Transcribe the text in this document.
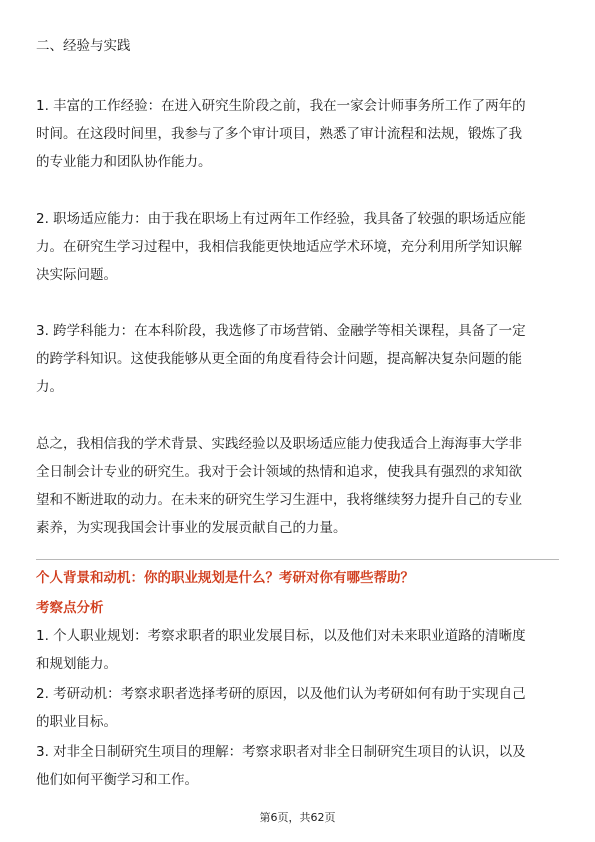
二、经验与实践

1. 丰富的工作经验：在进入研究生阶段之前，我在一家会计师事务所工作了两年的
时间。在这段时间里，我参与了多个审计项目，熟悉了审计流程和法规，锻炼了我
的专业能力和团队协作能力。

2. 职场适应能力：由于我在职场上有过两年工作经验，我具备了较强的职场适应能
力。在研究生学习过程中，我相信我能更快地适应学术环境，充分利用所学知识解
决实际问题。

3. 跨学科能力：在本科阶段，我选修了市场营销、金融学等相关课程，具备了一定
的跨学科知识。这使我能够从更全面的角度看待会计问题，提高解决复杂问题的能
力。

总之，我相信我的学术背景、实践经验以及职场适应能力使我适合上海海事大学非
全日制会计专业的研究生。我对于会计领域的热情和追求，使我具有强烈的求知欲
望和不断进取的动力。在未来的研究生学习生涯中，我将继续努力提升自己的专业
素养，为实现我国会计事业的发展贡献自己的力量。

个人背景和动机：你的职业规划是什么？考研对你有哪些帮助？
考察点分析

1. 个人职业规划：考察求职者的职业发展目标，以及他们对未来职业道路的清晰度
和规划能力。

2. 考研动机：考察求职者选择考研的原因，以及他们认为考研如何有助于实现自己
的职业目标。

3. 对非全日制研究生项目的理解：考察求职者对非全日制研究生项目的认识，以及
他们如何平衡学习和工作。

第6页，共62页
